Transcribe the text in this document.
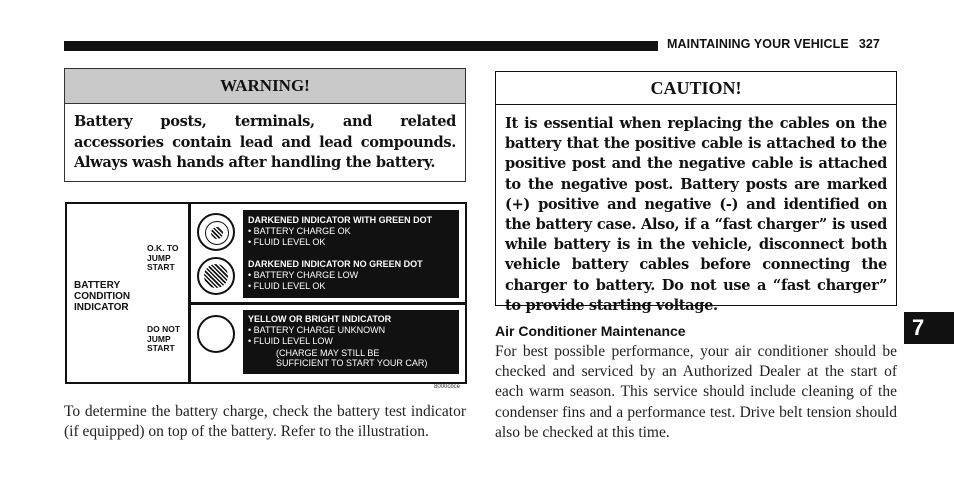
MAINTAINING YOUR VEHICLE 327
WARNING!
Battery posts, terminals, and related accessories contain lead and lead compounds. Always wash hands after handling the battery.
BATTERY
CONDITION
INDICATOR
O.K. TO
JUMP
START
DO NOT
JUMP
START
DARKENED INDICATOR WITH GREEN DOT
• BATTERY CHARGE OK
• FLUID LEVEL OK
DARKENED INDICATOR NO GREEN DOT
• BATTERY CHARGE LOW
• FLUID LEVEL OK
YELLOW OR BRIGHT INDICATOR
• BATTERY CHARGE UNKNOWN
• FLUID LEVEL LOW
(CHARGE MAY STILL BE
SUFFICIENT TO START YOUR CAR)
8000cbce
To determine the battery charge, check the battery test indicator (if equipped) on top of the battery. Refer to the illustration.
CAUTION!
It is essential when replacing the cables on the battery that the positive cable is attached to the positive post and the negative cable is attached to the negative post. Battery posts are marked (+) positive and negative (-) and identified on the battery case. Also, if a “fast charger” is used while battery is in the vehicle, disconnect both vehicle battery cables before connecting the charger to battery. Do not use a “fast charger” to provide starting voltage.
Air Conditioner Maintenance
For best possible performance, your air conditioner should be checked and serviced by an Authorized Dealer at the start of each warm season. This service should include cleaning of the condenser fins and a performance test. Drive belt tension should also be checked at this time.
7
